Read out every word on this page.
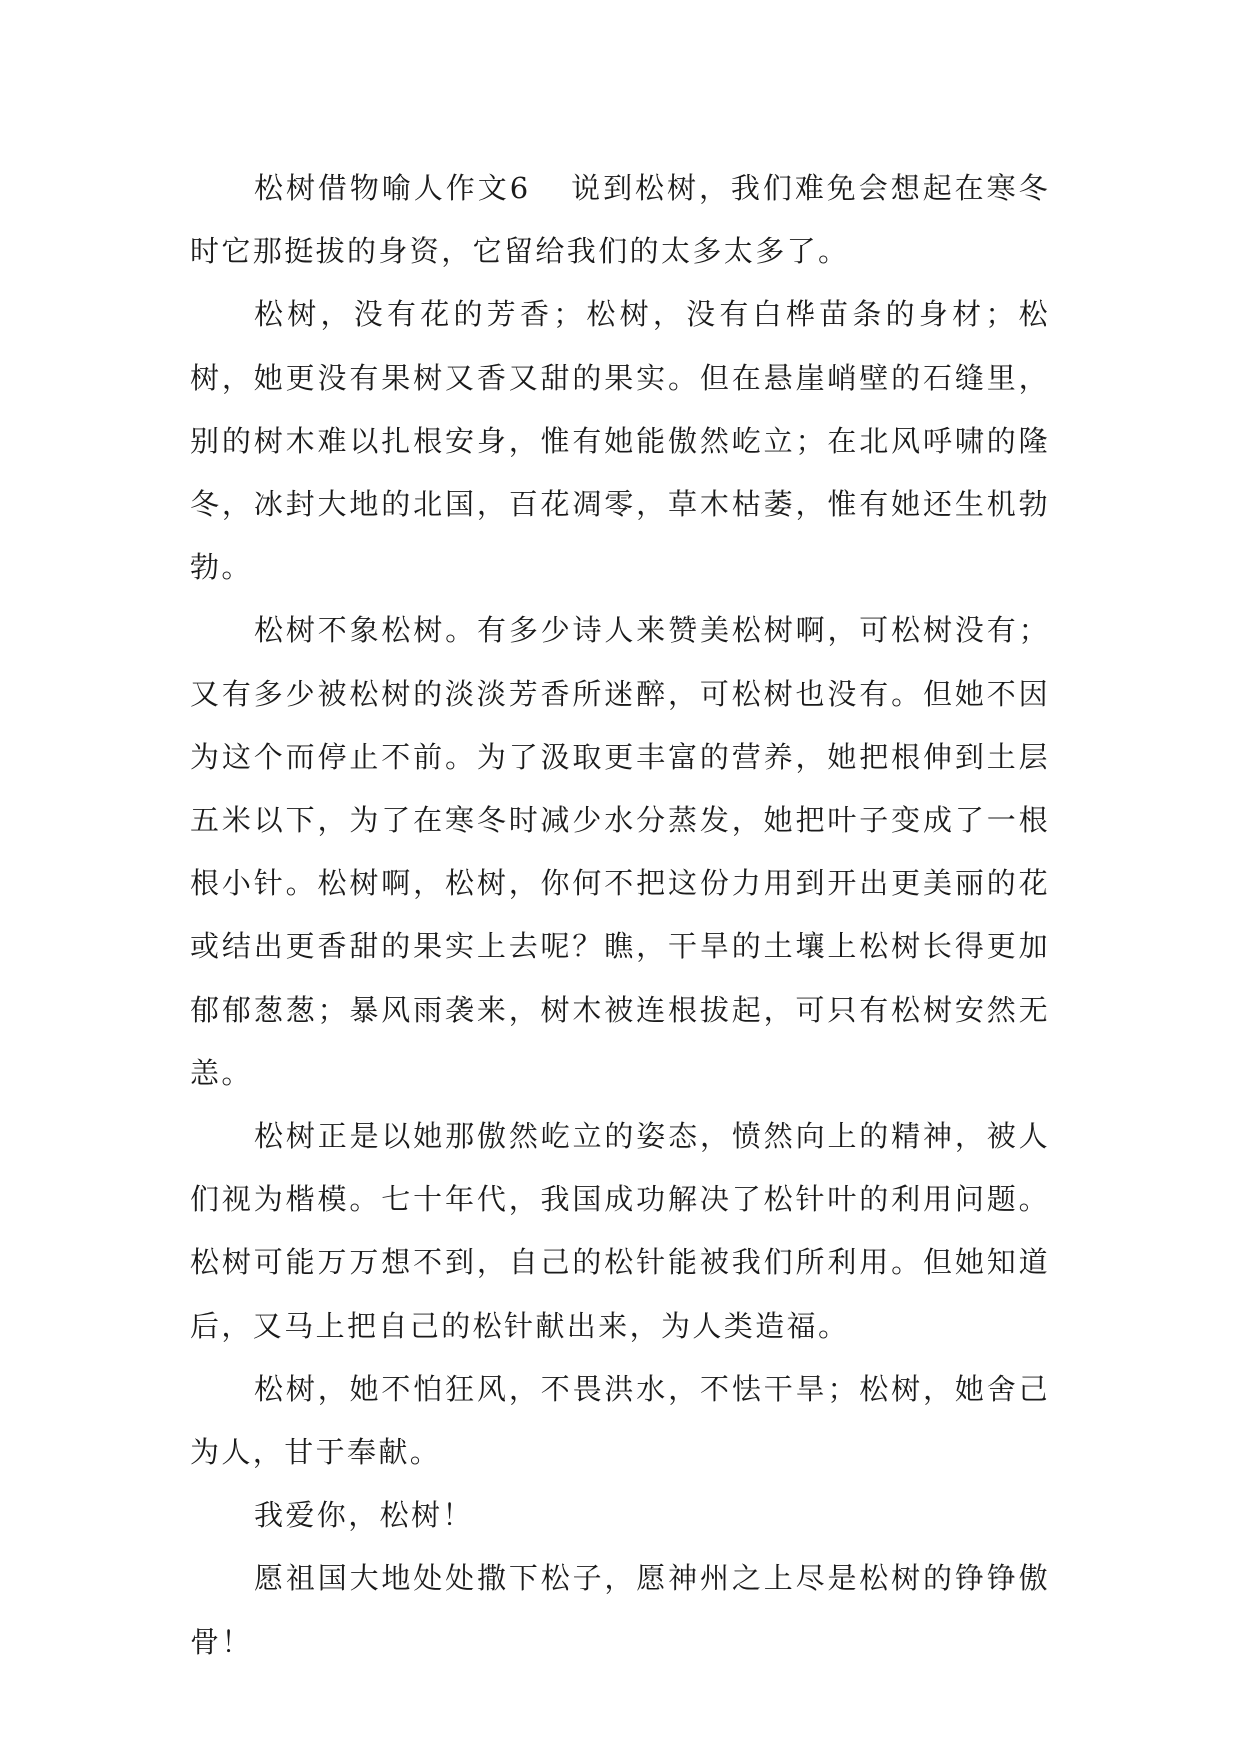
松树借物喻人作文6 说到松树，我们难免会想起在寒冬时它那挺拔的身资，它留给我们的太多太多了。

松树，没有花的芳香；松树，没有白桦苗条的身材；松树，她更没有果树又香又甜的果实。但在悬崖峭壁的石缝里，别的树木难以扎根安身，惟有她能傲然屹立；在北风呼啸的隆冬，冰封大地的北国，百花凋零，草木枯萎，惟有她还生机勃勃。

松树不象松树。有多少诗人来赞美松树啊，可松树没有；又有多少被松树的淡淡芳香所迷醉，可松树也没有。但她不因为这个而停止不前。为了汲取更丰富的营养，她把根伸到土层五米以下，为了在寒冬时减少水分蒸发，她把叶子变成了一根根小针。松树啊，松树，你何不把这份力用到开出更美丽的花或结出更香甜的果实上去呢？瞧，干旱的土壤上松树长得更加郁郁葱葱；暴风雨袭来，树木被连根拔起，可只有松树安然无恙。

松树正是以她那傲然屹立的姿态，愤然向上的精神，被人们视为楷模。七十年代，我国成功解决了松针叶的利用问题。松树可能万万想不到，自己的松针能被我们所利用。但她知道后，又马上把自己的松针献出来，为人类造福。

松树，她不怕狂风，不畏洪水，不怯干旱；松树，她舍己为人，甘于奉献。

我爱你，松树！

愿祖国大地处处撒下松子，愿神州之上尽是松树的铮铮傲骨！
